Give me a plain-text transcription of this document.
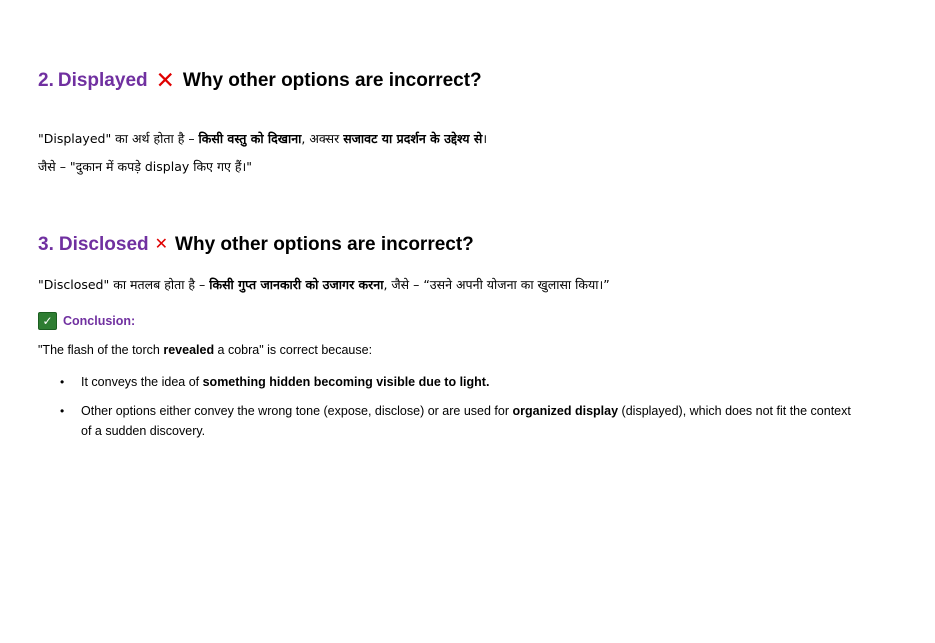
2. Displayed ✕ Why other options are incorrect?
"Displayed" का अर्थ होता है – किसी वस्तु को दिखाना, अक्सर सजावट या प्रदर्शन के उद्देश्य से।
जैसे – "दुकान में कपड़े display किए गए हैं।"
3. Disclosed ✕ Why other options are incorrect?
"Disclosed" का मतलब होता है – किसी गुप्त जानकारी को उजागर करना, जैसे – “उसने अपनी योजना का खुलासा किया।”
✓ Conclusion:
"The flash of the torch revealed a cobra" is correct because:
• It conveys the idea of something hidden becoming visible due to light.
• Other options either convey the wrong tone (expose, disclose) or are used for organized display (displayed), which does not fit the context of a sudden discovery.
